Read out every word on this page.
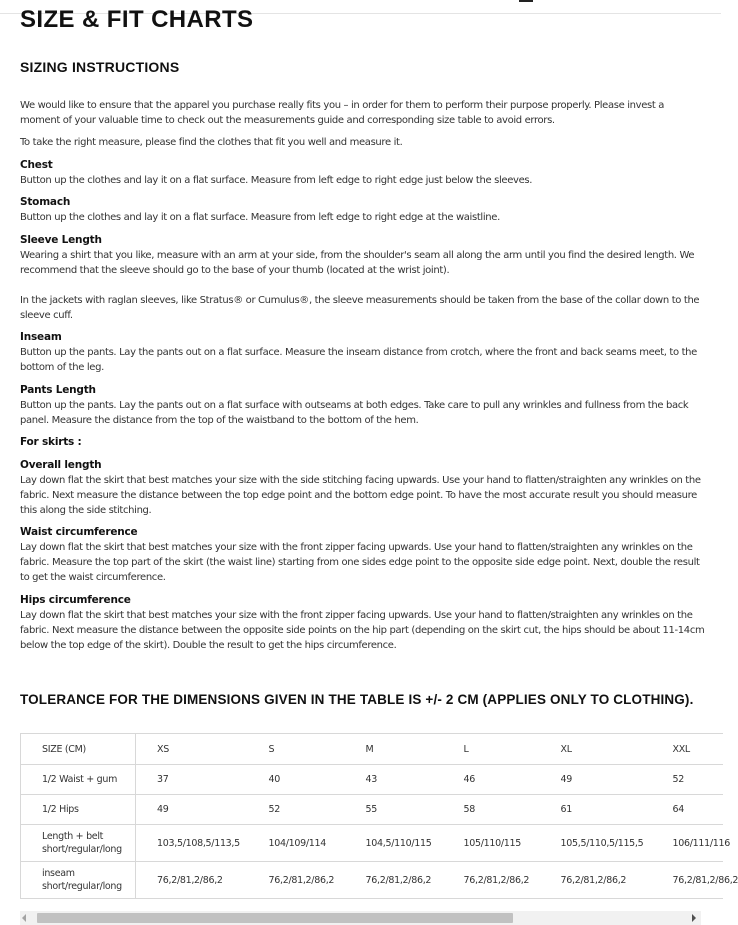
SIZE & FIT CHARTS
SIZING INSTRUCTIONS

We would like to ensure that the apparel you purchase really fits you – in order for them to perform their purpose properly. Please invest a moment of your valuable time to check out the measurements guide and corresponding size table to avoid errors.

To take the right measure, please find the clothes that fit you well and measure it.

Chest

Button up the clothes and lay it on a flat surface. Measure from left edge to right edge just below the sleeves.

Stomach

Button up the clothes and lay it on a flat surface. Measure from left edge to right edge at the waistline.

Sleeve Length

Wearing a shirt that you like, measure with an arm at your side, from the shoulder's seam all along the arm until you find the desired length. We recommend that the sleeve should go to the base of your thumb (located at the wrist joint).

In the jackets with raglan sleeves, like Stratus® or Cumulus®, the sleeve measurements should be taken from the base of the collar down to the sleeve cuff.

Inseam

Button up the pants. Lay the pants out on a flat surface. Measure the inseam distance from crotch, where the front and back seams meet, to the bottom of the leg.

Pants Length

Button up the pants. Lay the pants out on a flat surface with outseams at both edges. Take care to pull any wrinkles and fullness from the back panel. Measure the distance from the top of the waistband to the bottom of the hem.

For skirts :

Overall length

Lay down flat the skirt that best matches your size with the side stitching facing upwards. Use your hand to flatten/straighten any wrinkles on the fabric. Next measure the distance between the top edge point and the bottom edge point. To have the most accurate result you should measure this along the side stitching.

Waist circumference

Lay down flat the skirt that best matches your size with the front zipper facing upwards. Use your hand to flatten/straighten any wrinkles on the fabric. Measure the top part of the skirt (the waist line) starting from one sides edge point to the opposite side edge point. Next, double the result to get the waist circumference.

Hips circumference

Lay down flat the skirt that best matches your size with the front zipper facing upwards. Use your hand to flatten/straighten any wrinkles on the fabric. Next measure the distance between the opposite side points on the hip part (depending on the skirt cut, the hips should be about 11-14cm below the top edge of the skirt). Double the result to get the hips circumference.

TOLERANCE FOR THE DIMENSIONS GIVEN IN THE TABLE IS +/- 2 CM (APPLIES ONLY TO CLOTHING).
SIZE (CM)	XS	S	M	L	XL	XXL
1/2 Waist + gum	37	40	43	46	49	52
1/2 Hips	49	52	55	58	61	64
Length + belt short/regular/long	103,5/108,5/113,5	104/109/114	104,5/110/115	105/110/115	105,5/110,5/115,5	106/111/116
inseam short/regular/long	76,2/81,2/86,2	76,2/81,2/86,2	76,2/81,2/86,2	76,2/81,2/86,2	76,2/81,2/86,2	76,2/81,2/86,2
